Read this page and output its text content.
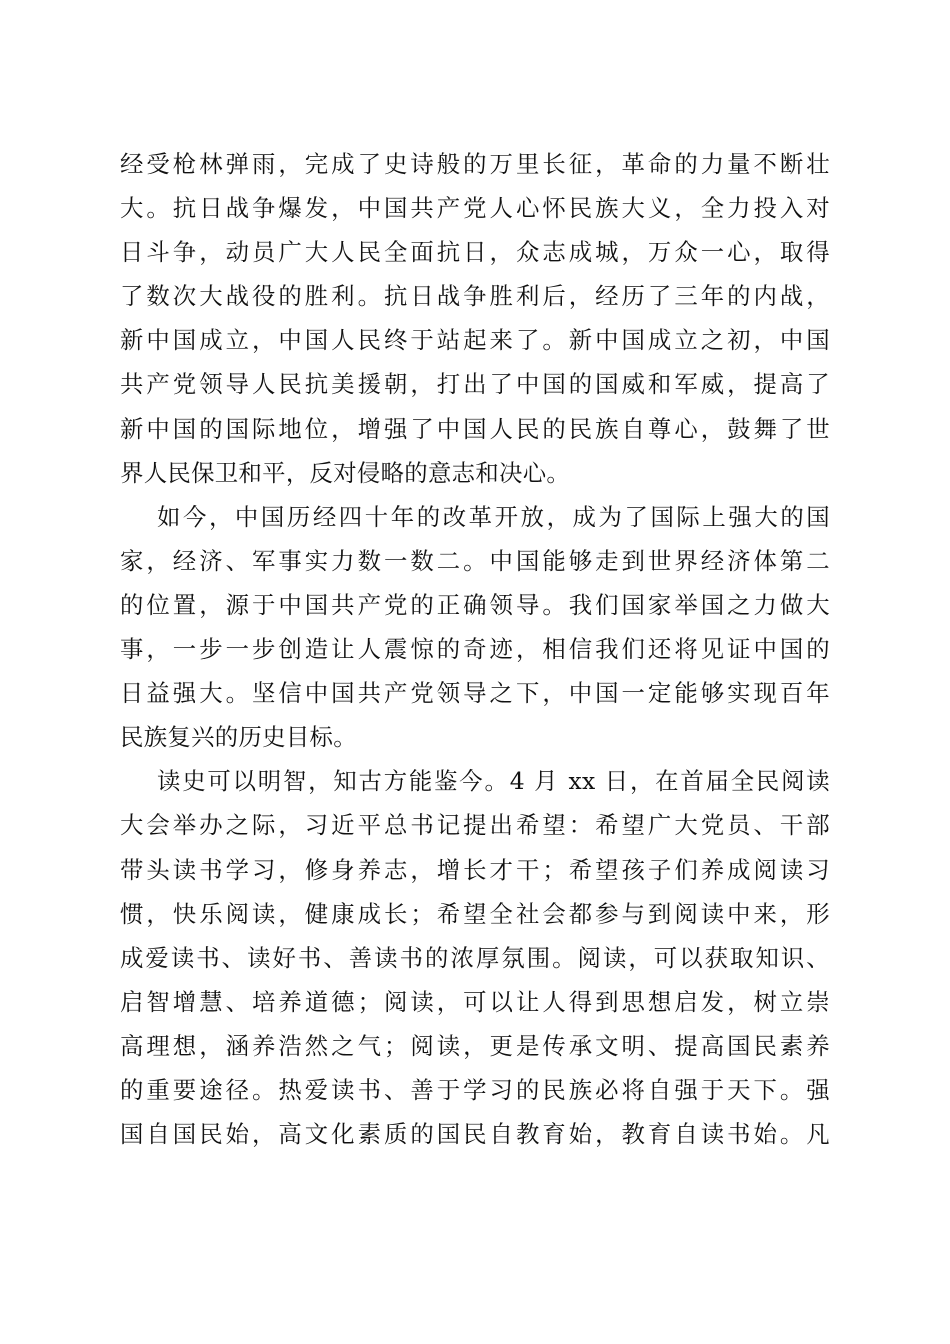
经受枪林弹雨，完成了史诗般的万里长征，革命的力量不断壮
大。抗日战争爆发，中国共产党人心怀民族大义，全力投入对
日斗争，动员广大人民全面抗日，众志成城，万众一心，取得
了数次大战役的胜利。抗日战争胜利后，经历了三年的内战，
新中国成立，中国人民终于站起来了。新中国成立之初，中国
共产党领导人民抗美援朝，打出了中国的国威和军威，提高了
新中国的国际地位，增强了中国人民的民族自尊心，鼓舞了世
界人民保卫和平，反对侵略的意志和决心。
如今，中国历经四十年的改革开放，成为了国际上强大的国
家，经济、军事实力数一数二。中国能够走到世界经济体第二
的位置，源于中国共产党的正确领导。我们国家举国之力做大
事，一步一步创造让人震惊的奇迹，相信我们还将见证中国的
日益强大。坚信中国共产党领导之下，中国一定能够实现百年
民族复兴的历史目标。
读史可以明智，知古方能鉴今。4 月 xx 日，在首届全民阅读
大会举办之际，习近平总书记提出希望：希望广大党员、干部
带头读书学习，修身养志，增长才干；希望孩子们养成阅读习
惯，快乐阅读，健康成长；希望全社会都参与到阅读中来，形
成爱读书、读好书、善读书的浓厚氛围。阅读，可以获取知识、
启智增慧、培养道德；阅读，可以让人得到思想启发，树立崇
高理想，涵养浩然之气；阅读，更是传承文明、提高国民素养
的重要途径。热爱读书、善于学习的民族必将自强于天下。强
国自国民始，高文化素质的国民自教育始，教育自读书始。凡
